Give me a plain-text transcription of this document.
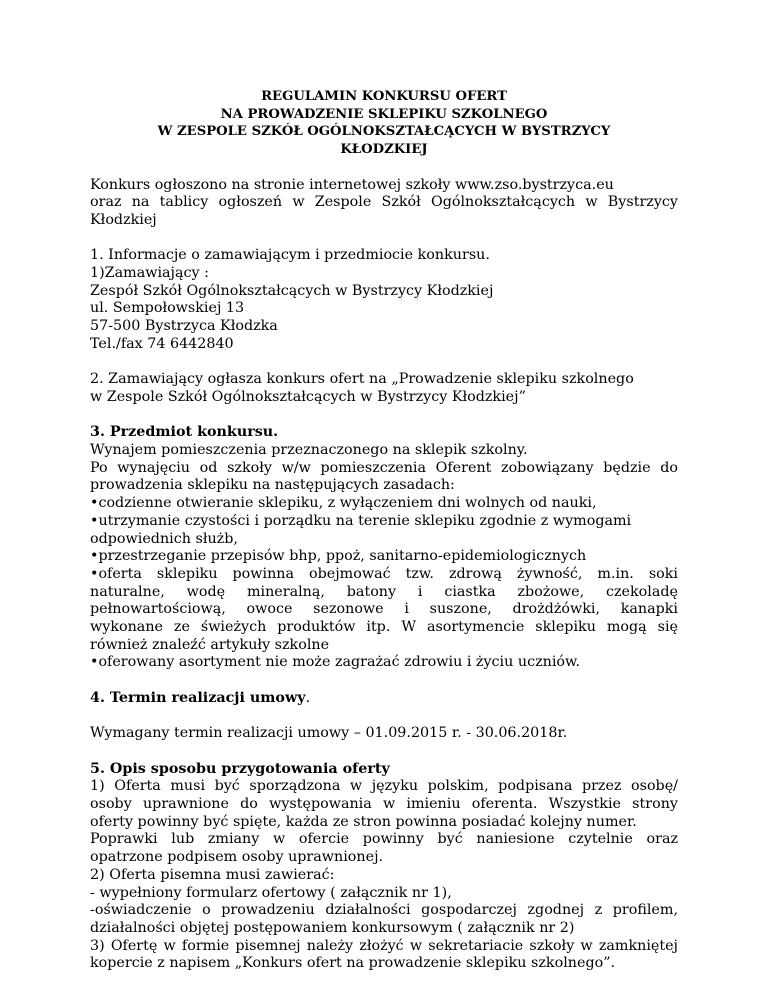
REGULAMIN KONKURSU OFERT
NA PROWADZENIE SKLEPIKU SZKOLNEGO
W ZESPOLE SZKÓŁ OGÓLNOKSZTAŁCĄCYCH W BYSTRZYCY
KŁODZKIEJ

Konkurs ogłoszono na stronie internetowej szkoły www.zso.bystrzyca.eu

oraz na tablicy ogłoszeń w Zespole Szkół Ogólnokształcących w Bystrzycy

Kłodzkiej

1. Informacje o zamawiającym i przedmiocie konkursu.

1)Zamawiający :

Zespół Szkół Ogólnokształcących w Bystrzycy Kłodzkiej

ul. Sempołowskiej 13

57-500 Bystrzyca Kłodzka

Tel./fax 74 6442840

2. Zamawiający ogłasza konkurs ofert na „Prowadzenie sklepiku szkolnego

w Zespole Szkół Ogólnokształcących w Bystrzycy Kłodzkiej”

3. Przedmiot konkursu.

Wynajem pomieszczenia przeznaczonego na sklepik szkolny.

Po wynajęciu od szkoły w/w pomieszczenia Oferent zobowiązany będzie do

prowadzenia sklepiku na następujących zasadach:

• codzienne otwieranie sklepiku, z wyłączeniem dni wolnych od nauki,

• utrzymanie czystości i porządku na terenie sklepiku zgodnie z wymogami

odpowiednich służb,

• przestrzeganie przepisów bhp, ppoż, sanitarno-epidemiologicznych

• oferta sklepiku powinna obejmować tzw. zdrową żywność, m.in. soki

naturalne, wodę mineralną, batony i ciastka zbożowe, czekoladę

pełnowartościową, owoce sezonowe i suszone, drożdżówki, kanapki

wykonane ze świeżych produktów itp. W asortymencie sklepiku mogą się

również znaleźć artykuły szkolne

• oferowany asortyment nie może zagrażać zdrowiu i życiu uczniów.

4. Termin realizacji umowy.

Wymagany termin realizacji umowy – 01.09.2015 r. - 30.06.2018r.

5. Opis sposobu przygotowania oferty

1) Oferta musi być sporządzona w języku polskim, podpisana przez osobę/

osoby uprawnione do występowania w imieniu oferenta. Wszystkie strony

oferty powinny być spięte, każda ze stron powinna posiadać kolejny numer.

Poprawki lub zmiany w ofercie powinny być naniesione czytelnie oraz

opatrzone podpisem osoby uprawnionej.

2) Oferta pisemna musi zawierać:

- wypełniony formularz ofertowy ( załącznik nr 1),

-oświadczenie o prowadzeniu działalności gospodarczej zgodnej z profilem,

działalności objętej postępowaniem konkursowym ( załącznik nr 2)

3) Ofertę w formie pisemnej należy złożyć w sekretariacie szkoły w zamkniętej

kopercie z napisem „Konkurs ofert na prowadzenie sklepiku szkolnego”.
